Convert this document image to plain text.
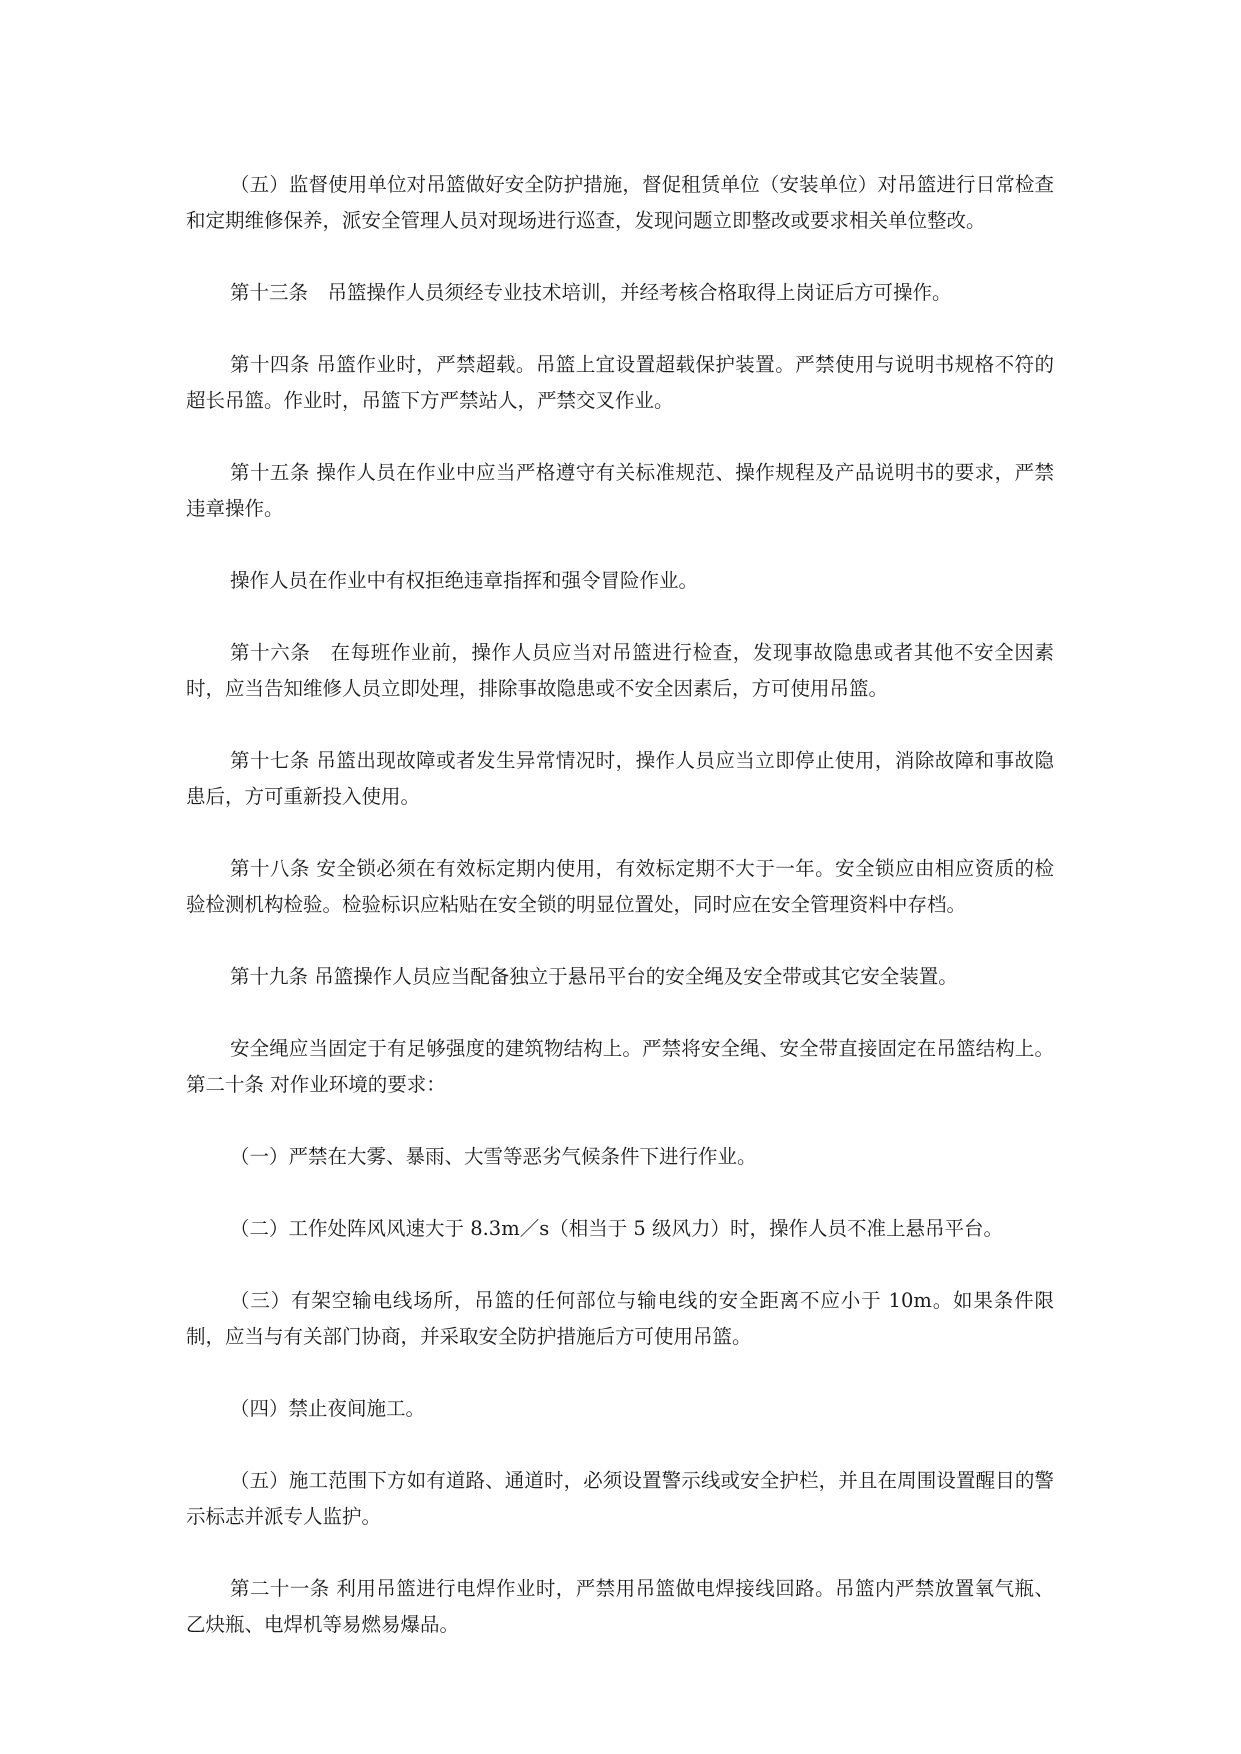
（五）监督使用单位对吊篮做好安全防护措施，督促租赁单位（安装单位）对吊篮进行日常检查和定期维修保养，派安全管理人员对现场进行巡查，发现问题立即整改或要求相关单位整改。

第十三条　吊篮操作人员须经专业技术培训，并经考核合格取得上岗证后方可操作。

第十四条 吊篮作业时，严禁超载。吊篮上宜设置超载保护装置。严禁使用与说明书规格不符的超长吊篮。作业时，吊篮下方严禁站人，严禁交叉作业。

第十五条 操作人员在作业中应当严格遵守有关标准规范、操作规程及产品说明书的要求，严禁违章操作。

操作人员在作业中有权拒绝违章指挥和强令冒险作业。

第十六条　在每班作业前，操作人员应当对吊篮进行检查，发现事故隐患或者其他不安全因素时，应当告知维修人员立即处理，排除事故隐患或不安全因素后，方可使用吊篮。

第十七条 吊篮出现故障或者发生异常情况时，操作人员应当立即停止使用，消除故障和事故隐患后，方可重新投入使用。

第十八条 安全锁必须在有效标定期内使用，有效标定期不大于一年。安全锁应由相应资质的检验检测机构检验。检验标识应粘贴在安全锁的明显位置处，同时应在安全管理资料中存档。

第十九条 吊篮操作人员应当配备独立于悬吊平台的安全绳及安全带或其它安全装置。

安全绳应当固定于有足够强度的建筑物结构上。严禁将安全绳、安全带直接固定在吊篮结构上。第二十条 对作业环境的要求：

（一）严禁在大雾、暴雨、大雪等恶劣气候条件下进行作业。

（二）工作处阵风风速大于 8.3m／s（相当于 5 级风力）时，操作人员不准上悬吊平台。

（三）有架空输电线场所，吊篮的任何部位与输电线的安全距离不应小于 10m。如果条件限制，应当与有关部门协商，并采取安全防护措施后方可使用吊篮。

（四）禁止夜间施工。

（五）施工范围下方如有道路、通道时，必须设置警示线或安全护栏，并且在周围设置醒目的警示标志并派专人监护。

第二十一条 利用吊篮进行电焊作业时，严禁用吊篮做电焊接线回路。吊篮内严禁放置氧气瓶、乙炔瓶、电焊机等易燃易爆品。
